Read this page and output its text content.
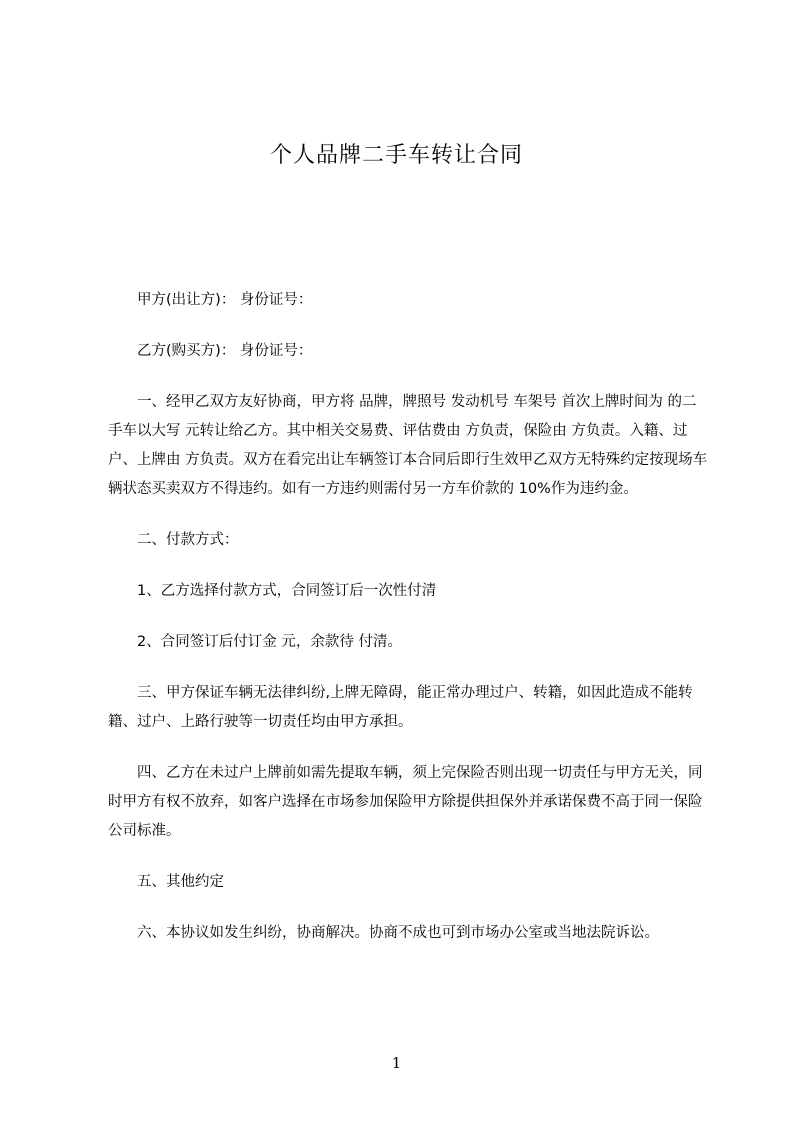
个人品牌二手车转让合同

甲方(出让方)： 身份证号：

乙方(购买方)： 身份证号：

一、经甲乙双方友好协商，甲方将 品牌，牌照号 发动机号 车架号 首次上牌时间为 的二手车以大写 元转让给乙方。其中相关交易费、评估费由 方负责，保险由 方负责。入籍、过户、上牌由 方负责。双方在看完出让车辆签订本合同后即行生效甲乙双方无特殊约定按现场车辆状态买卖双方不得违约。如有一方违约则需付另一方车价款的 10%作为违约金。

二、付款方式：

1、乙方选择付款方式，合同签订后一次性付清

2、合同签订后付订金 元，余款待 付清。

三、甲方保证车辆无法律纠纷,上牌无障碍，能正常办理过户、转籍，如因此造成不能转籍、过户、上路行驶等一切责任均由甲方承担。

四、乙方在未过户上牌前如需先提取车辆，须上完保险否则出现一切责任与甲方无关，同时甲方有权不放弃，如客户选择在市场参加保险甲方除提供担保外并承诺保费不高于同一保险公司标准。

五、其他约定

六、本协议如发生纠纷，协商解决。协商不成也可到市场办公室或当地法院诉讼。

1
